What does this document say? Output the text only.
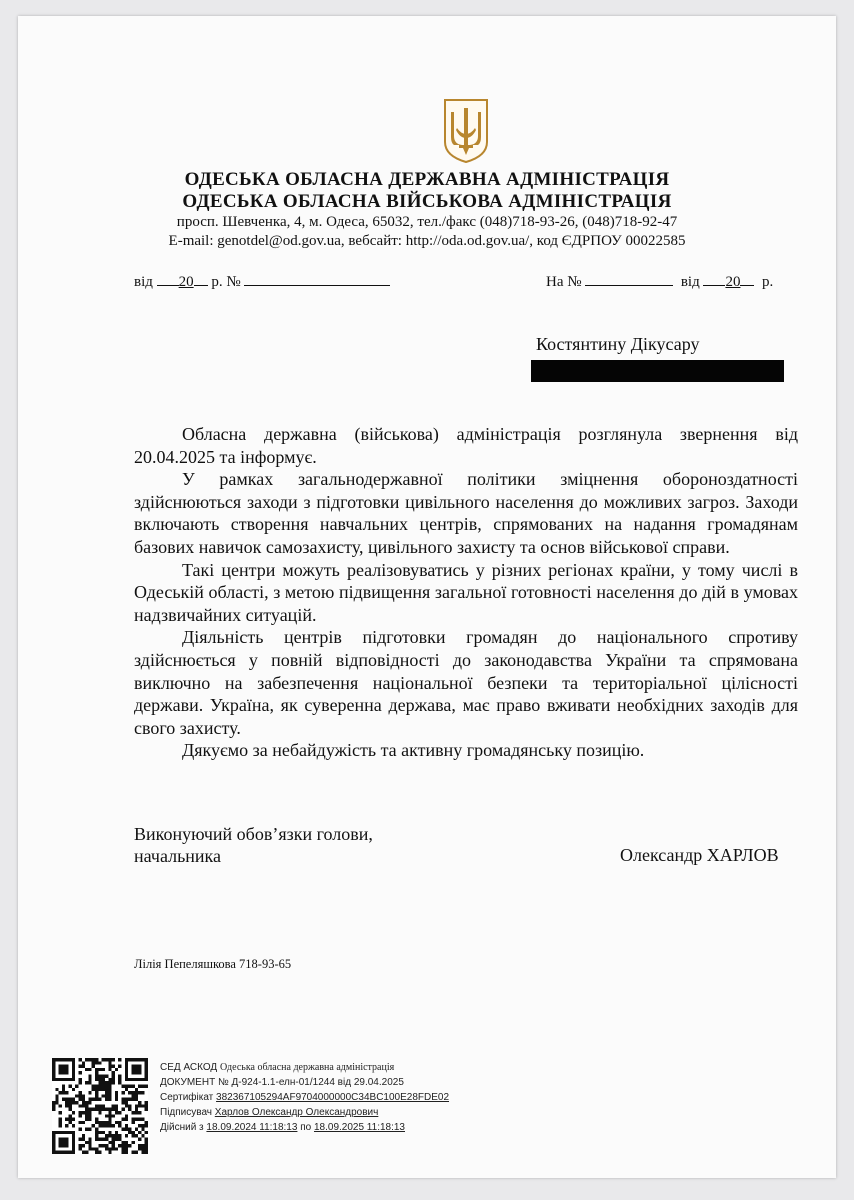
ОДЕСЬКА ОБЛАСНА ДЕРЖАВНА АДМІНІСТРАЦІЯ
ОДЕСЬКА ОБЛАСНА ВІЙСЬКОВА АДМІНІСТРАЦІЯ
просп. Шевченка, 4, м. Одеса, 65032, тел./факс (048)718-93-26, (048)718-92-47
E-mail: genotdel@od.gov.ua, вебсайт: http://oda.od.gov.ua/, код ЄДРПОУ 00022585
від 20 р. №	На №	від 20 р.
Костянтину Дікусару

Обласна державна (військова) адміністрація розглянула звернення від 20.04.2025 та інформує.

У рамках загальнодержавної політики зміцнення обороноздатності здійснюються заходи з підготовки цивільного населення до можливих загроз. Заходи включають створення навчальних центрів, спрямованих на надання громадянам базових навичок самозахисту, цивільного захисту та основ військової справи.

Такі центри можуть реалізовуватись у різних регіонах країни, у тому числі в Одеській області, з метою підвищення загальної готовності населення до дій в умовах надзвичайних ситуацій.

Діяльність центрів підготовки громадян до національного спротиву здійснюється у повній відповідності до законодавства України та спрямована виключно на забезпечення національної безпеки та територіальної цілісності держави. Україна, як суверенна держава, має право вживати необхідних заходів для свого захисту.

Дякуємо за небайдужість та активну громадянську позицію.

Виконуючий обов’язки голови,
начальника	Олександр ХАРЛОВ
Лілія Пепеляшкова 718-93-65
СЕД АСКОД Одеська обласна державна адміністрація
ДОКУМЕНТ № Д-924-1.1-елн-01/1244 від 29.04.2025
Сертифікат 382367105294AF9704000000C34BC100E28FDE02
Підписувач Харлов Олександр Олександрович
Дійсний з 18.09.2024 11:18:13 по 18.09.2025 11:18:13
